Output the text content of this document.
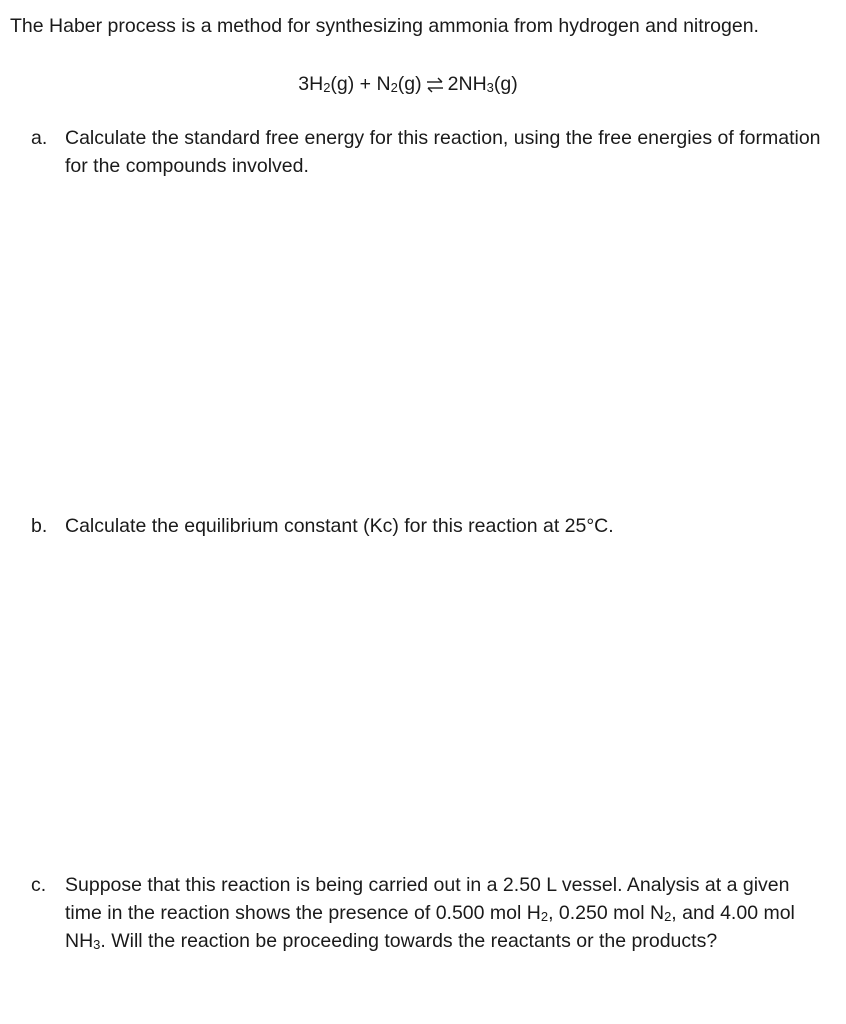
The Haber process is a method for synthesizing ammonia from hydrogen and nitrogen.
$3H_2(g) + N_2(g)$ ⇌ $2NH_3(g)$
a. Calculate the standard free energy for this reaction, using the free energies of formation for the compounds involved.
b. Calculate the equilibrium constant (Kc) for this reaction at 25°C.
c. Suppose that this reaction is being carried out in a 2.50 L vessel. Analysis at a given time in the reaction shows the presence of 0.500 mol $H_2$, 0.250 mol $N_2$, and 4.00 mol $NH_3$. Will the reaction be proceeding towards the reactants or the products?
